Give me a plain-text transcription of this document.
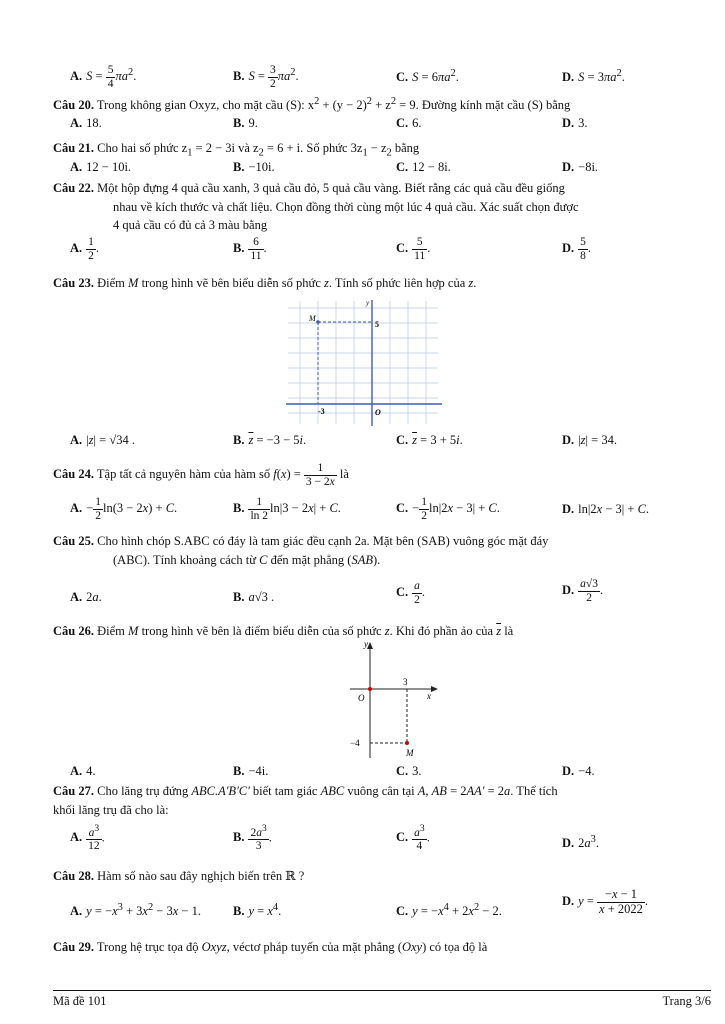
A. $S = \frac{5}{4} \pi a^2$.	B. $S = \frac{3}{2} \pi a^2$.	C. $S = 6\pi a^2$.	D. $S = 3\pi a^2$.
Câu 20. Trong không gian Oxyz, cho mặt cầu (S): $x^2 + (y - 2)^2 + z^2 = 9$. Đường kính mặt cầu (S) bằng
A. 18.	B. 9.	C. 6.	D. 3.
Câu 21. Cho hai số phức $z_1 = 2 - 3i$ và $z_2 = 6 + i$. Số phức $3z_1 - z_2$ bằng
A. 12 − 10i.	B. −10i.	C. 12 − 8i.	D. −8i.
Câu 22. Một hộp đựng 4 quả cầu xanh, 3 quả cầu đỏ, 5 quả cầu vàng. Biết rằng các quả cầu đều giống
nhau về kích thước và chất liệu. Chọn đồng thời cùng một lúc 4 quả cầu. Xác suất chọn được
4 quả cầu có đủ cả 3 màu bằng
A. $\frac{1}{2}$ .	B. $\frac{6}{11}$ .	C. $\frac{5}{11}$ .	D. $\frac{5}{8}$ .
Câu 23. Điểm M trong hình vẽ bên biểu diễn số phức z. Tính số phức liên hợp của z.
M
5
-3	O
y
A. |z| = √34 .	B. $\overline{z} = -3 - 5i$.	C. $\overline{z} = 3 + 5i$.	D. |z| = 34.
Câu 24. Tập tất cả nguyên hàm của hàm số $f(x) = \frac{1}{3 - 2x}$ là
A. − $\frac{1}{2} \ln(3 - 2x) + C$.	B. $\frac{1}{\ln 2} \ln|3 - 2x| + C$.	C. − $\frac{1}{2} \ln|2x - 3| + C$.	D. ln|2x − 3| + C.
Câu 25. Cho hình chóp S.ABC có đáy là tam giác đều cạnh 2a. Mặt bên (SAB) vuông góc mặt đáy
(ABC). Tính khoảng cách từ C đến mặt phẳng (SAB).
A. 2a.	B. a√3 .	C. $\frac{a}{2}$ .	D. $\frac{a√3}{2}$ .
Câu 26. Điểm M trong hình vẽ bên là điểm biểu diễn của số phức z. Khi đó phần ảo của $\overline{z}$ là
y
x
O
3
−4
M
A. 4.	B. −4i.	C. 3.	D. −4.
Câu 27. Cho lăng trụ đứng ABC.A'B'C' biết tam giác ABC vuông cân tại A, AB = 2AA' = 2a. Thể tích
khối lăng trụ đã cho là:
A. $\frac{a^3}{12}$ .	B. $\frac{2a^3}{3}$ .	C. $\frac{a^3}{4}$ .	D. $2a^3$.
Câu 28. Hàm số nào sau đây nghịch biến trên ℝ ?
A. $y = -x^3 + 3x^2 - 3x - 1$.	B. $y = x^4$.	C. $y = -x^4 + 2x^2 - 2$.
D. $y = \frac{-x - 1}{x + 2022}$ .
Câu 29. Trong hệ trục tọa độ Oxyz, véctơ pháp tuyến của mặt phẳng (Oxy) có tọa độ là
Mã đề 101	Trang 3/6
